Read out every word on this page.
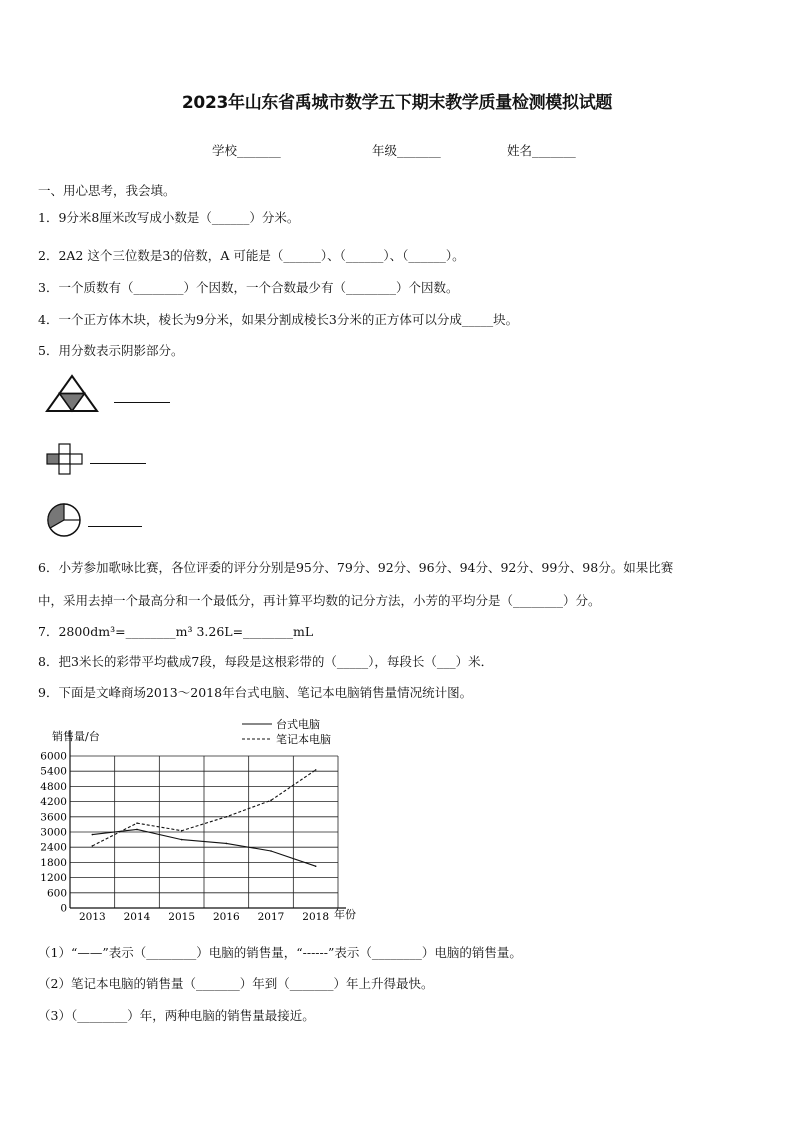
2023年山东省禹城市数学五下期末教学质量检测模拟试题
学校_______	年级_______	姓名_______
一、用心思考，我会填。
1．9分米8厘米改写成小数是（______）分米。
2．2A2 这个三位数是3的倍数，A 可能是（______）、（______）、（______）。
3．一个质数有（________）个因数，一个合数最少有（________）个因数。
4．一个正方体木块，棱长为9分米，如果分割成棱长3分米的正方体可以分成_____块。
5．用分数表示阴影部分。
6．小芳参加歌咏比赛，各位评委的评分分别是95分、79分、92分、96分、94分、92分、99分、98分。如果比赛
中，采用去掉一个最高分和一个最低分，再计算平均数的记分方法，小芳的平均分是（________）分。
7．2800dm³=________m³ 3.26L=________mL
8．把3米长的彩带平均截成7段，每段是这根彩带的（_____），每段长（___）米．
9．下面是文峰商场2013～2018年台式电脑、笔记本电脑销售量情况统计图。
0
600
1200
1800
2400
3000
3600
4200
4800
5400
6000
2013 2014 2015 2016 2017 2018
销售量/台
年份
台式电脑
笔记本电脑
（1）“——”表示（________）电脑的销售量，“------”表示（________）电脑的销售量。
（2）笔记本电脑的销售量（_______）年到（_______）年上升得最快。
（3）（________）年，两种电脑的销售量最接近。
